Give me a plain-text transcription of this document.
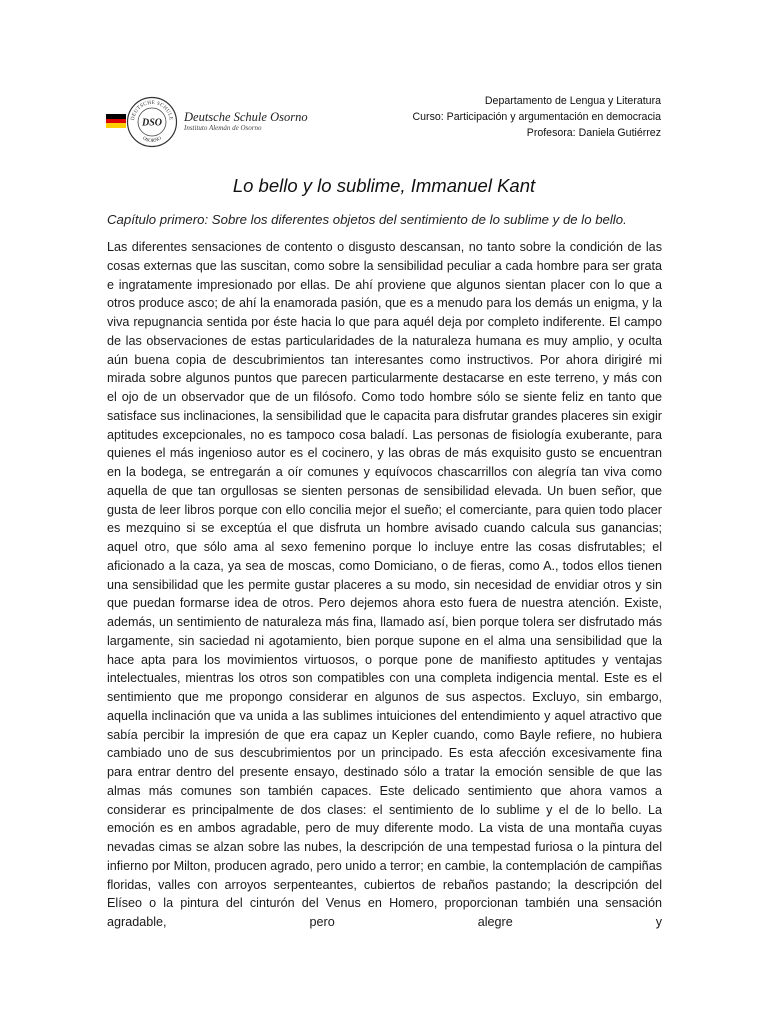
DEUTSCHE SCHULE
OSORNO
DSO Deutsche Schule Osorno
Instituto Alemán de Osorno
Departamento de Lengua y Literatura
Curso: Participación y argumentación en democracia
Profesora: Daniela Gutiérrez
Lo bello y lo sublime, Immanuel Kant
Capítulo primero: Sobre los diferentes objetos del sentimiento de lo sublime y de lo bello.
Las diferentes sensaciones de contento o disgusto descansan, no tanto sobre la condición de las cosas externas que las suscitan, como sobre la sensibilidad peculiar a cada hombre para ser grata e ingratamente impresionado por ellas. De ahí proviene que algunos sientan placer con lo que a otros produce asco; de ahí la enamorada pasión, que es a menudo para los demás un enigma, y la viva repugnancia sentida por éste hacia lo que para aquél deja por completo indiferente. El campo de las observaciones de estas particularidades de la naturaleza humana es muy amplio, y oculta aún buena copia de descubrimientos tan interesantes como instructivos. Por ahora dirigiré mi mirada sobre algunos puntos que parecen particularmente destacarse en este terreno, y más con el ojo de un observador que de un filósofo. Como todo hombre sólo se siente feliz en tanto que satisface sus inclinaciones, la sensibilidad que le capacita para disfrutar grandes placeres sin exigir aptitudes excepcionales, no es tampoco cosa baladí. Las personas de fisiología exuberante, para quienes el más ingenioso autor es el cocinero, y las obras de más exquisito gusto se encuentran en la bodega, se entregarán a oír comunes y equívocos chascarrillos con alegría tan viva como aquella de que tan orgullosas se sienten personas de sensibilidad elevada. Un buen señor, que gusta de leer libros porque con ello concilia mejor el sueño; el comerciante, para quien todo placer es mezquino si se exceptúa el que disfruta un hombre avisado cuando calcula sus ganancias; aquel otro, que sólo ama al sexo femenino porque lo incluye entre las cosas disfrutables; el aficionado a la caza, ya sea de moscas, como Domiciano, o de fieras, como A., todos ellos tienen una sensibilidad que les permite gustar placeres a su modo, sin necesidad de envidiar otros y sin que puedan formarse idea de otros. Pero dejemos ahora esto fuera de nuestra atención. Existe, además, un sentimiento de naturaleza más fina, llamado así, bien porque tolera ser disfrutado más largamente, sin saciedad ni agotamiento, bien porque supone en el alma una sensibilidad que la hace apta para los movimientos virtuosos, o porque pone de manifiesto aptitudes y ventajas intelectuales, mientras los otros son compatibles con una completa indigencia mental. Este es el sentimiento que me propongo considerar en algunos de sus aspectos. Excluyo, sin embargo, aquella inclinación que va unida a las sublimes intuiciones del entendimiento y aquel atractivo que sabía percibir la impresión de que era capaz un Kepler cuando, como Bayle refiere, no hubiera cambiado uno de sus descubrimientos por un principado. Es esta afección excesivamente fina para entrar dentro del presente ensayo, destinado sólo a tratar la emoción sensible de que las almas más comunes son también capaces. Este delicado sentimiento que ahora vamos a considerar es principalmente de dos clases: el sentimiento de lo sublime y el de lo bello. La emoción es en ambos agradable, pero de muy diferente modo. La vista de una montaña cuyas nevadas cimas se alzan sobre las nubes, la descripción de una tempestad furiosa o la pintura del infierno por Milton, producen agrado, pero unido a terror; en cambie, la contemplación de campiñas floridas, valles con arroyos serpenteantes, cubiertos de rebaños pastando; la descripción del Elíseo o la pintura del cinturón del Venus en Homero, proporcionan también una sensación agradable, pero alegre y
